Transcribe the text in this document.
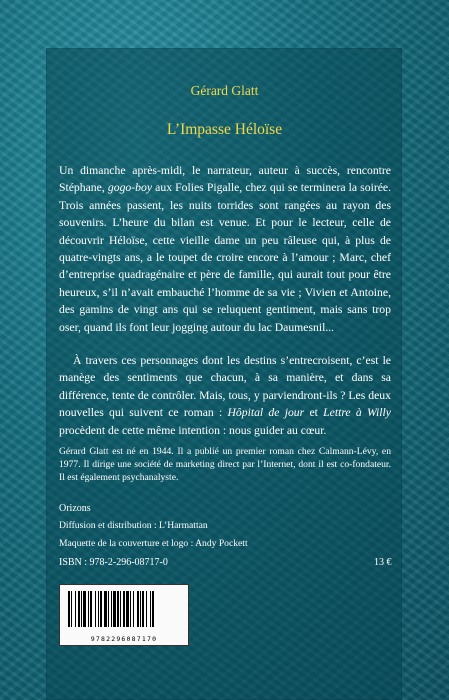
Gérard Glatt
L’Impasse Héloïse

Un dimanche après-midi, le narrateur, auteur à succès, rencontre Stéphane, gogo-boy aux Folies Pigalle, chez qui se terminera la soirée. Trois années passent, les nuits torrides sont rangées au rayon des souvenirs. L’heure du bilan est venue. Et pour le lecteur, celle de découvrir Héloïse, cette vieille dame un peu râleuse qui, à plus de quatre-vingts ans, a le toupet de croire encore à l’amour ; Marc, chef d’entreprise quadragénaire et père de famille, qui aurait tout pour être heureux, s’il n’avait embauché l’homme de sa vie ; Vivien et Antoine, des gamins de vingt ans qui se reluquent gentiment, mais sans trop oser, quand ils font leur jogging autour du lac Daumesnil...

À travers ces personnages dont les destins s’entrecroisent, c’est le manège des sentiments que chacun, à sa manière, et dans sa différence, tente de contrôler. Mais, tous, y parviendront-ils ? Les deux nouvelles qui suivent ce roman : Hôpital de jour et Lettre à Willy procèdent de cette même intention : nous guider au cœur.

Gérard Glatt est né en 1944. Il a publié un premier roman chez Calmann-Lévy, en 1977. Il dirige une société de marketing direct par l’Internet, dont il est co-fondateur. Il est également psychanalyste.
Orizons
Diffusion et distribution : L’Harmattan
Maquette de la couverture et logo : Andy Pockett
ISBN : 978-2-296-08717-0	13 €
9782296087170
